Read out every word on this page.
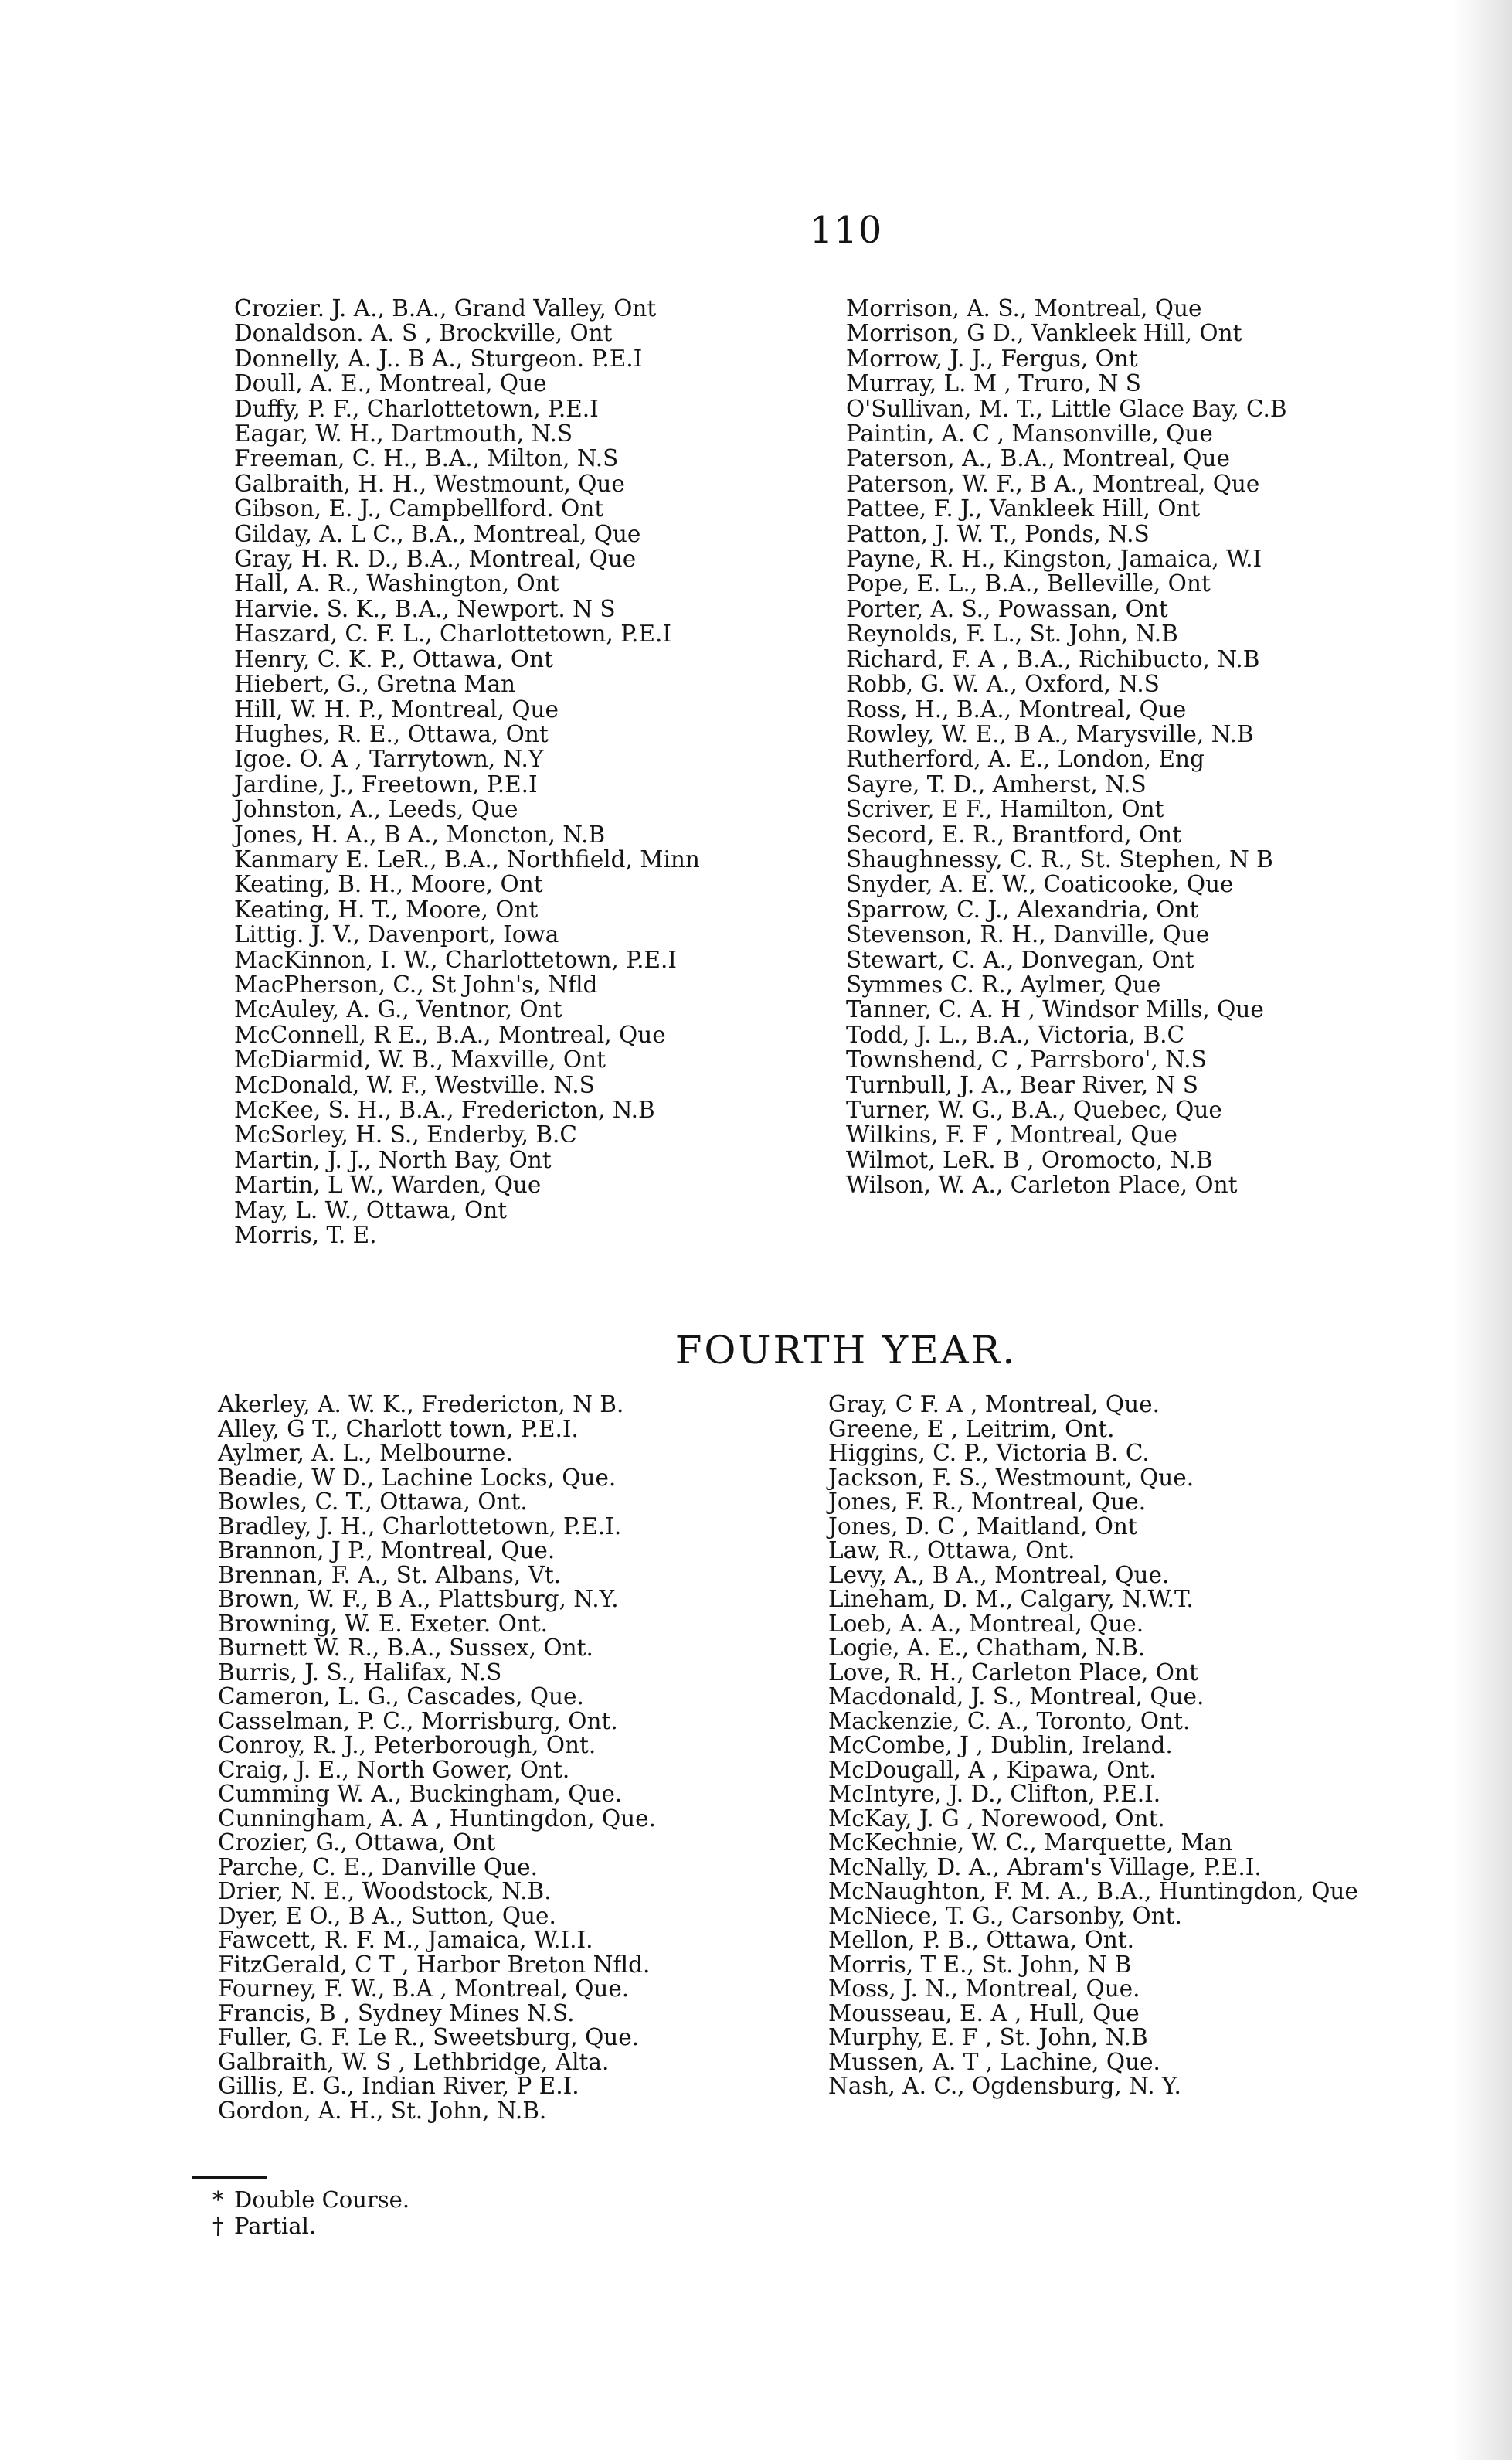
110
Crozier. J. A., B.A., Grand Valley, Ont
Donaldson. A. S , Brockville, Ont
Donnelly, A. J.. B A., Sturgeon. P.E.I
Doull, A. E., Montreal, Que
Duffy, P. F., Charlottetown, P.E.I
Eagar, W. H., Dartmouth, N.S
Freeman, C. H., B.A., Milton, N.S
Galbraith, H. H., Westmount, Que
Gibson, E. J., Campbellford. Ont
Gilday, A. L C., B.A., Montreal, Que
Gray, H. R. D., B.A., Montreal, Que
Hall, A. R., Washington, Ont
Harvie. S. K., B.A., Newport. N S
Haszard, C. F. L., Charlottetown, P.E.I
Henry, C. K. P., Ottawa, Ont
Hiebert, G., Gretna Man
Hill, W. H. P., Montreal, Que
Hughes, R. E., Ottawa, Ont
Igoe. O. A , Tarrytown, N.Y
Jardine, J., Freetown, P.E.I
Johnston, A., Leeds, Que
Jones, H. A., B A., Moncton, N.B
Kanmary E. LeR., B.A., Northfield, Minn
Keating, B. H., Moore, Ont
Keating, H. T., Moore, Ont
Littig. J. V., Davenport, Iowa
MacKinnon, I. W., Charlottetown, P.E.I
MacPherson, C., St John's, Nfld
McAuley, A. G., Ventnor, Ont
McConnell, R E., B.A., Montreal, Que
McDiarmid, W. B., Maxville, Ont
McDonald, W. F., Westville. N.S
McKee, S. H., B.A., Fredericton, N.B
McSorley, H. S., Enderby, B.C
Martin, J. J., North Bay, Ont
Martin, L W., Warden, Que
May, L. W., Ottawa, Ont
Morris, T. E.
Morrison, A. S., Montreal, Que
Morrison, G D., Vankleek Hill, Ont
Morrow, J. J., Fergus, Ont
Murray, L. M , Truro, N S
O'Sullivan, M. T., Little Glace Bay, C.B
Paintin, A. C , Mansonville, Que
Paterson, A., B.A., Montreal, Que
Paterson, W. F., B A., Montreal, Que
Pattee, F. J., Vankleek Hill, Ont
Patton, J. W. T., Ponds, N.S
Payne, R. H., Kingston, Jamaica, W.I
Pope, E. L., B.A., Belleville, Ont
Porter, A. S., Powassan, Ont
Reynolds, F. L., St. John, N.B
Richard, F. A , B.A., Richibucto, N.B
Robb, G. W. A., Oxford, N.S
Ross, H., B.A., Montreal, Que
Rowley, W. E., B A., Marysville, N.B
Rutherford, A. E., London, Eng
Sayre, T. D., Amherst, N.S
Scriver, E F., Hamilton, Ont
Secord, E. R., Brantford, Ont
Shaughnessy, C. R., St. Stephen, N B
Snyder, A. E. W., Coaticooke, Que
Sparrow, C. J., Alexandria, Ont
Stevenson, R. H., Danville, Que
Stewart, C. A., Donvegan, Ont
Symmes C. R., Aylmer, Que
Tanner, C. A. H , Windsor Mills, Que
Todd, J. L., B.A., Victoria, B.C
Townshend, C , Parrsboro', N.S
Turnbull, J. A., Bear River, N S
Turner, W. G., B.A., Quebec, Que
Wilkins, F. F , Montreal, Que
Wilmot, LeR. B , Oromocto, N.B
Wilson, W. A., Carleton Place, Ont
FOURTH YEAR.
Akerley, A. W. K., Fredericton, N B.
Alley, G T., Charlott town, P.E.I.
Aylmer, A. L., Melbourne.
Beadie, W D., Lachine Locks, Que.
Bowles, C. T., Ottawa, Ont.
Bradley, J. H., Charlottetown, P.E.I.
Brannon, J P., Montreal, Que.
Brennan, F. A., St. Albans, Vt.
Brown, W. F., B A., Plattsburg, N.Y.
Browning, W. E. Exeter. Ont.
Burnett W. R., B.A., Sussex, Ont.
Burris, J. S., Halifax, N.S
Cameron, L. G., Cascades, Que.
Casselman, P. C., Morrisburg, Ont.
Conroy, R. J., Peterborough, Ont.
Craig, J. E., North Gower, Ont.
Cumming W. A., Buckingham, Que.
Cunningham, A. A , Huntingdon, Que.
Crozier, G., Ottawa, Ont
Parche, C. E., Danville Que.
Drier, N. E., Woodstock, N.B.
Dyer, E O., B A., Sutton, Que.
Fawcett, R. F. M., Jamaica, W.I.I.
FitzGerald, C T , Harbor Breton Nfld.
Fourney, F. W., B.A , Montreal, Que.
Francis, B , Sydney Mines N.S.
Fuller, G. F. Le R., Sweetsburg, Que.
Galbraith, W. S , Lethbridge, Alta.
Gillis, E. G., Indian River, P E.I.
Gordon, A. H., St. John, N.B.
Gray, C F. A , Montreal, Que.
Greene, E , Leitrim, Ont.
Higgins, C. P., Victoria B. C.
Jackson, F. S., Westmount, Que.
Jones, F. R., Montreal, Que.
Jones, D. C , Maitland, Ont
Law, R., Ottawa, Ont.
Levy, A., B A., Montreal, Que.
Lineham, D. M., Calgary, N.W.T.
Loeb, A. A., Montreal, Que.
Logie, A. E., Chatham, N.B.
Love, R. H., Carleton Place, Ont
Macdonald, J. S., Montreal, Que.
Mackenzie, C. A., Toronto, Ont.
McCombe, J , Dublin, Ireland.
McDougall, A , Kipawa, Ont.
McIntyre, J. D., Clifton, P.E.I.
McKay, J. G , Norewood, Ont.
McKechnie, W. C., Marquette, Man
McNally, D. A., Abram's Village, P.E.I.
McNaughton, F. M. A., B.A., Huntingdon, Que
McNiece, T. G., Carsonby, Ont.
Mellon, P. B., Ottawa, Ont.
Morris, T E., St. John, N B
Moss, J. N., Montreal, Que.
Mousseau, E. A , Hull, Que
Murphy, E. F , St. John, N.B
Mussen, A. T , Lachine, Que.
Nash, A. C., Ogdensburg, N. Y.
* Double Course.
† Partial.
